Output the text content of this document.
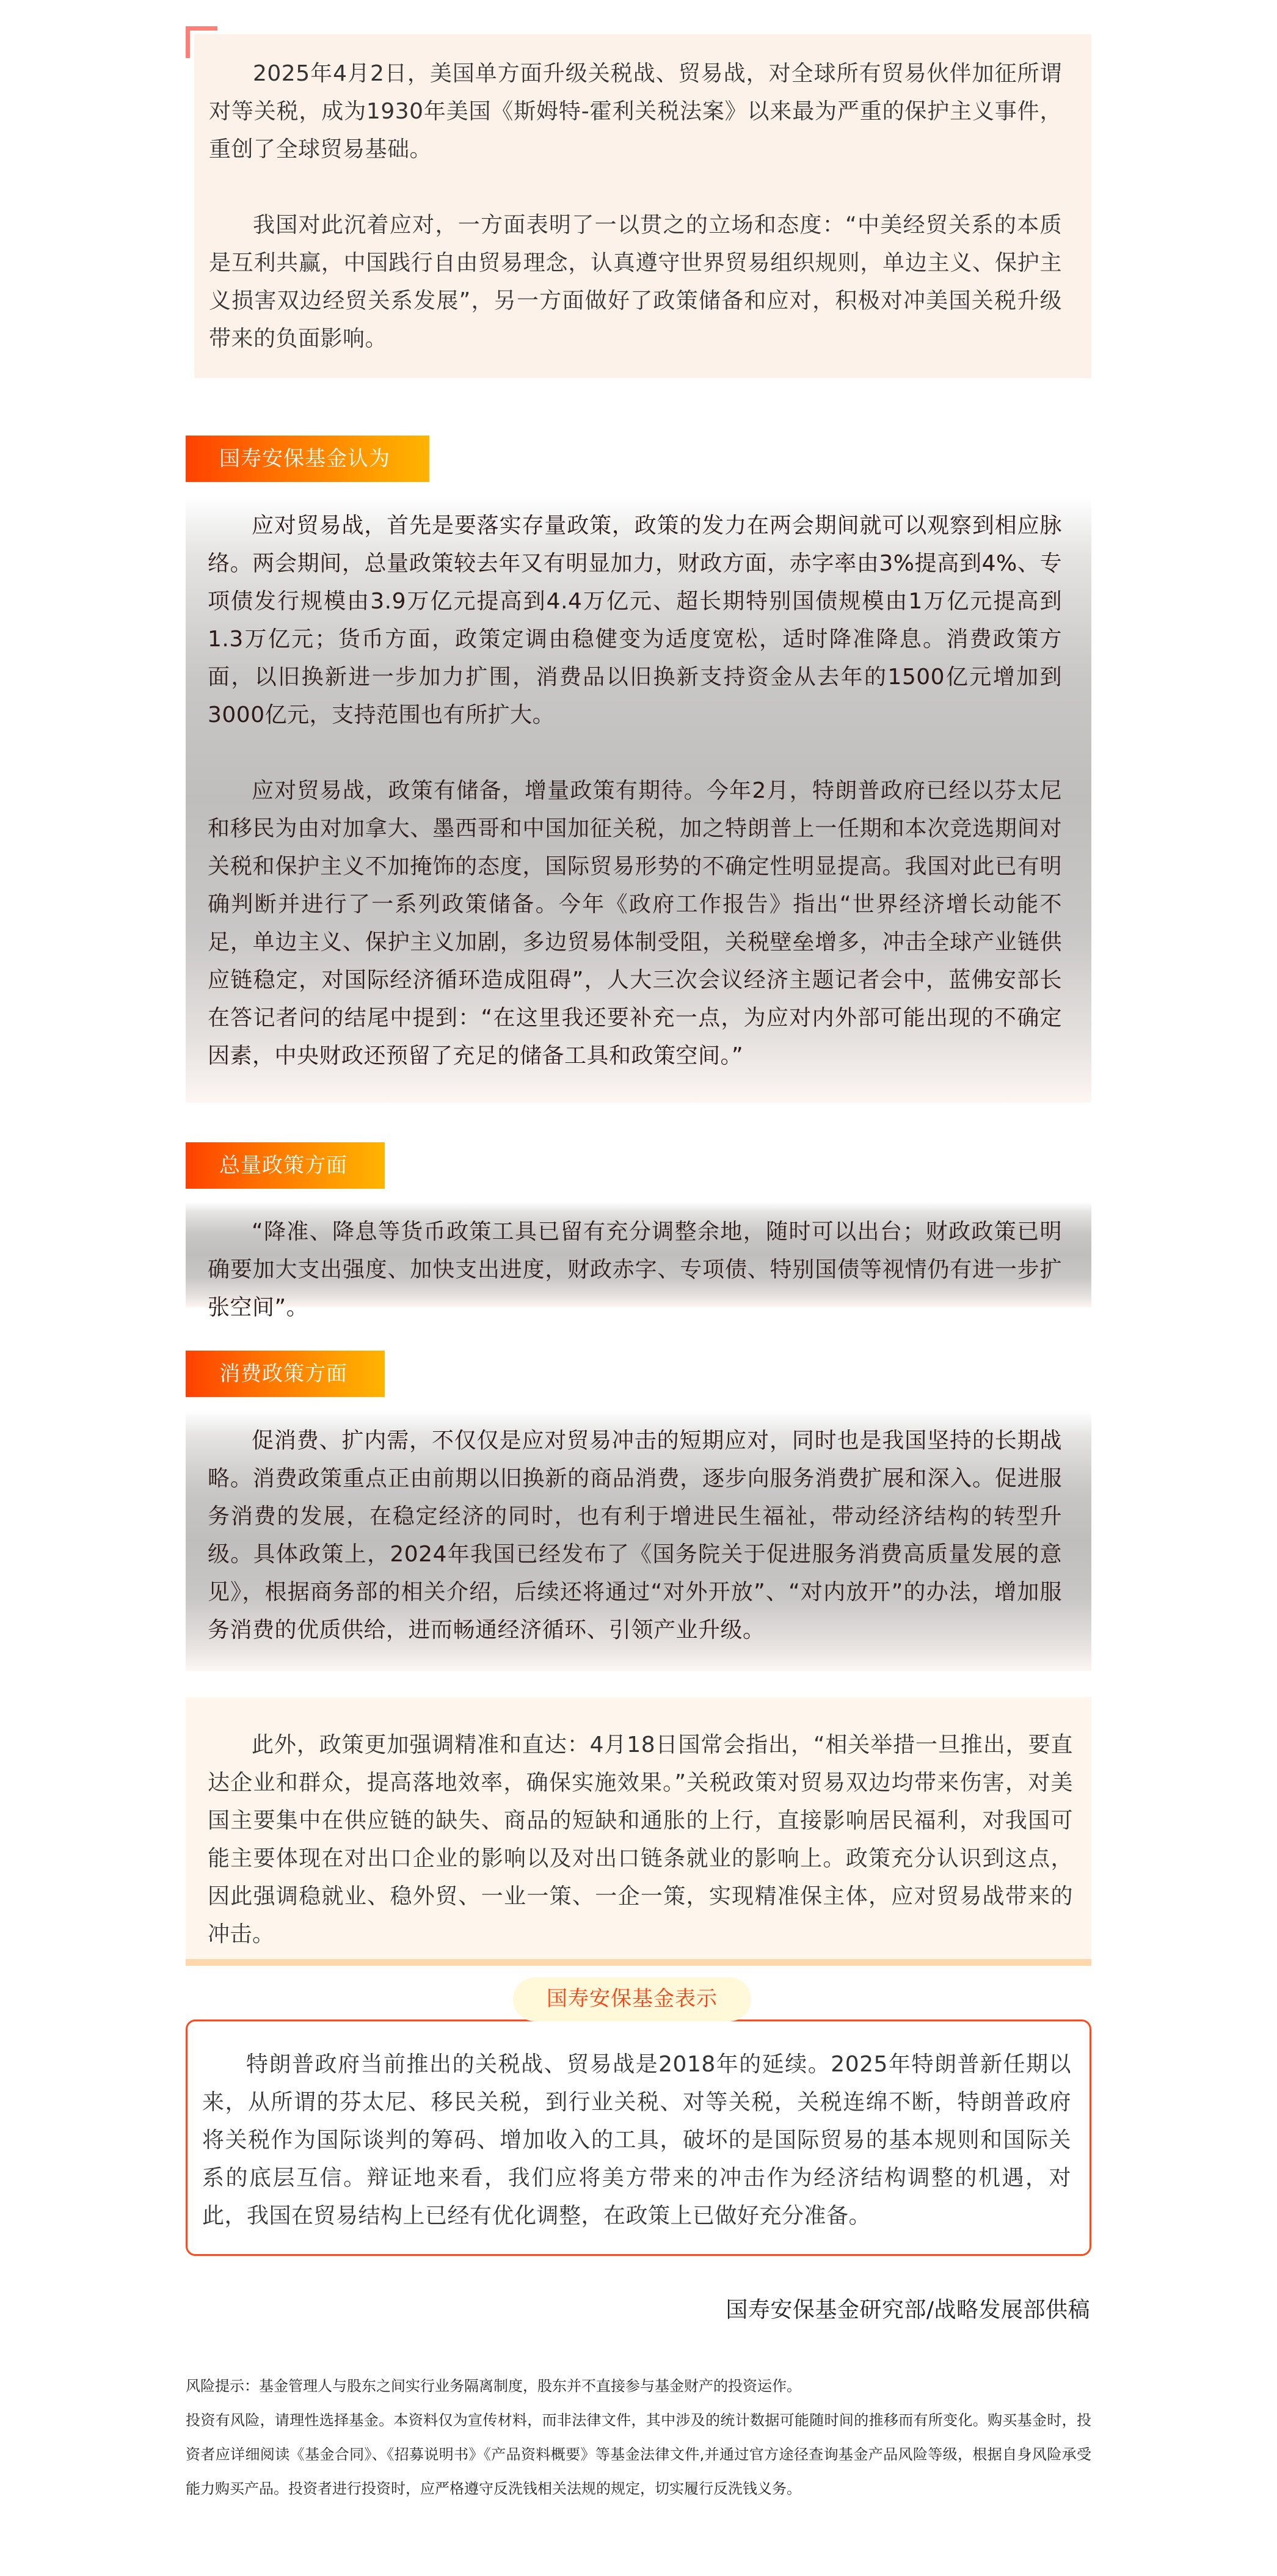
2025年4月2日，美国单方面升级关税战、贸易战，对全球所有贸易伙伴加征所谓对等关税，成为1930年美国《斯姆特-霍利关税法案》以来最为严重的保护主义事件，重创了全球贸易基础。

我国对此沉着应对，一方面表明了一以贯之的立场和态度：“中美经贸关系的本质是互利共赢，中国践行自由贸易理念，认真遵守世界贸易组织规则，单边主义、保护主义损害双边经贸关系发展”，另一方面做好了政策储备和应对，积极对冲美国关税升级带来的负面影响。

国寿安保基金认为

应对贸易战，首先是要落实存量政策，政策的发力在两会期间就可以观察到相应脉络。两会期间，总量政策较去年又有明显加力，财政方面，赤字率由3%提高到4%、专项债发行规模由3.9万亿元提高到4.4万亿元、超长期特别国债规模由1万亿元提高到1.3万亿元；货币方面，政策定调由稳健变为适度宽松，适时降准降息。消费政策方面，以旧换新进一步加力扩围，消费品以旧换新支持资金从去年的1500亿元增加到3000亿元，支持范围也有所扩大。

应对贸易战，政策有储备，增量政策有期待。今年2月，特朗普政府已经以芬太尼和移民为由对加拿大、墨西哥和中国加征关税，加之特朗普上一任期和本次竞选期间对关税和保护主义不加掩饰的态度，国际贸易形势的不确定性明显提高。我国对此已有明确判断并进行了一系列政策储备。今年《政府工作报告》指出“世界经济增长动能不足，单边主义、保护主义加剧，多边贸易体制受阻，关税壁垒增多，冲击全球产业链供应链稳定，对国际经济循环造成阻碍”，人大三次会议经济主题记者会中，蓝佛安部长在答记者问的结尾中提到：“在这里我还要补充一点，为应对内外部可能出现的不确定因素，中央财政还预留了充足的储备工具和政策空间。”

总量政策方面

“降准、降息等货币政策工具已留有充分调整余地，随时可以出台；财政政策已明确要加大支出强度、加快支出进度，财政赤字、专项债、特别国债等视情仍有进一步扩张空间”。

消费政策方面

促消费、扩内需，不仅仅是应对贸易冲击的短期应对，同时也是我国坚持的长期战略。消费政策重点正由前期以旧换新的商品消费，逐步向服务消费扩展和深入。促进服务消费的发展，在稳定经济的同时，也有利于增进民生福祉，带动经济结构的转型升级。具体政策上，2024年我国已经发布了《国务院关于促进服务消费高质量发展的意见》，根据商务部的相关介绍，后续还将通过“对外开放”、“对内放开”的办法，增加服务消费的优质供给，进而畅通经济循环、引领产业升级。

此外，政策更加强调精准和直达：4月18日国常会指出，“相关举措一旦推出，要直达企业和群众，提高落地效率，确保实施效果。”关税政策对贸易双边均带来伤害，对美国主要集中在供应链的缺失、商品的短缺和通胀的上行，直接影响居民福利，对我国可能主要体现在对出口企业的影响以及对出口链条就业的影响上。政策充分认识到这点，因此强调稳就业、稳外贸、一业一策、一企一策，实现精准保主体，应对贸易战带来的冲击。

国寿安保基金表示

特朗普政府当前推出的关税战、贸易战是2018年的延续。2025年特朗普新任期以来，从所谓的芬太尼、移民关税，到行业关税、对等关税，关税连绵不断，特朗普政府将关税作为国际谈判的筹码、增加收入的工具，破坏的是国际贸易的基本规则和国际关系的底层互信。辩证地来看，我们应将美方带来的冲击作为经济结构调整的机遇，对此，我国在贸易结构上已经有优化调整，在政策上已做好充分准备。

国寿安保基金研究部/战略发展部供稿
风险提示：基金管理人与股东之间实行业务隔离制度，股东并不直接参与基金财产的投资运作。
投资有风险，请理性选择基金。本资料仅为宣传材料，而非法律文件，其中涉及的统计数据可能随时间的推移而有所变化。购买基金时，投资者应详细阅读《基金合同》、《招募说明书》《产品资料概要》等基金法律文件,并通过官方途径查询基金产品风险等级，根据自身风险承受能力购买产品。投资者进行投资时，应严格遵守反洗钱相关法规的规定，切实履行反洗钱义务。
